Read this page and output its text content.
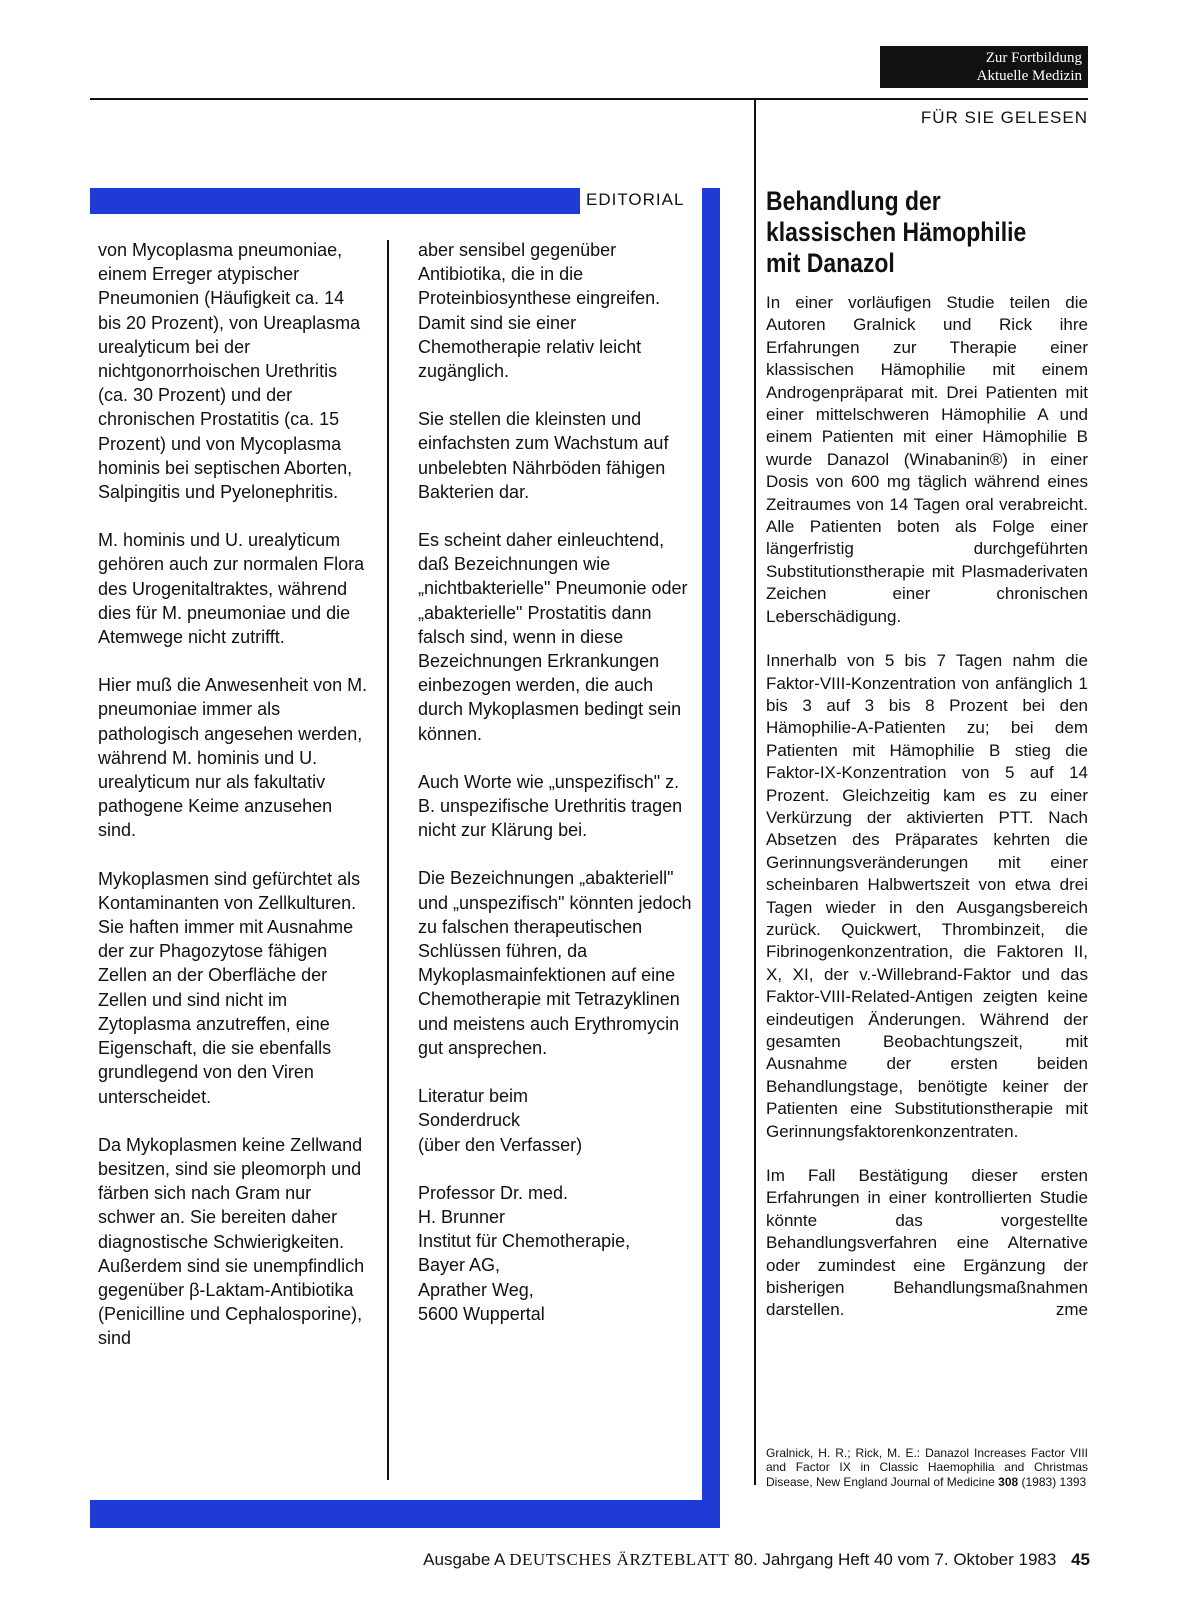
Zur Fortbildung
Aktuelle Medizin
FÜR SIE GELESEN
EDITORIAL

von Mycoplasma pneumoniae, einem Erreger atypischer Pneumonien (Häufigkeit ca. 14 bis 20 Prozent), von Ureaplasma urealyticum bei der nichtgonorrhoischen Urethritis (ca. 30 Prozent) und der chronischen Prostatitis (ca. 15 Prozent) und von Mycoplasma hominis bei septischen Aborten, Salpingitis und Pyelonephritis.

M. hominis und U. urealyticum gehören auch zur normalen Flora des Urogenitaltraktes, während dies für M. pneumoniae und die Atemwege nicht zutrifft.

Hier muß die Anwesenheit von M. pneumoniae immer als pathologisch angesehen werden, während M. hominis und U. urealyticum nur als fakultativ pathogene Keime anzusehen sind.

Mykoplasmen sind gefürchtet als Kontaminanten von Zellkulturen. Sie haften immer mit Ausnahme der zur Phagozytose fähigen Zellen an der Oberfläche der Zellen und sind nicht im Zytoplasma anzutreffen, eine Eigenschaft, die sie ebenfalls grundlegend von den Viren unterscheidet.

Da Mykoplasmen keine Zellwand besitzen, sind sie pleomorph und färben sich nach Gram nur schwer an. Sie bereiten daher diagnostische Schwierigkeiten. Außerdem sind sie unempfindlich gegenüber β-Laktam-Antibiotika (Penicilline und Cephalosporine), sind

aber sensibel gegenüber Antibiotika, die in die Proteinbiosynthese eingreifen. Damit sind sie einer Chemotherapie relativ leicht zugänglich.

Sie stellen die kleinsten und einfachsten zum Wachstum auf unbelebten Nährböden fähigen Bakterien dar.

Es scheint daher einleuchtend, daß Bezeichnungen wie „nichtbakterielle" Pneumonie oder „abakterielle" Prostatitis dann falsch sind, wenn in diese Bezeichnungen Erkrankungen einbezogen werden, die auch durch Mykoplasmen bedingt sein können.

Auch Worte wie „unspezifisch" z. B. unspezifische Urethritis tragen nicht zur Klärung bei.

Die Bezeichnungen „abakteriell" und „unspezifisch" könnten jedoch zu falschen therapeutischen Schlüssen führen, da Mykoplasmainfektionen auf eine Chemotherapie mit Tetrazyklinen und meistens auch Erythromycin gut ansprechen.

Literatur beim
Sonderdruck
(über den Verfasser)

Professor Dr. med.
H. Brunner
Institut für Chemotherapie,
Bayer AG,
Aprather Weg,
5600 Wuppertal

Behandlung der
klassischen Hämophilie
mit Danazol

In einer vorläufigen Studie teilen die Autoren Gralnick und Rick ihre Erfahrungen zur Therapie einer klassischen Hämophilie mit einem Androgenpräparat mit. Drei Patienten mit einer mittelschweren Hämophilie A und einem Patienten mit einer Hämophilie B wurde Danazol (Winabanin®) in einer Dosis von 600 mg täglich während eines Zeitraumes von 14 Tagen oral verabreicht. Alle Patienten boten als Folge einer längerfristig durchgeführten Substitutionstherapie mit Plasmaderivaten Zeichen einer chronischen Leberschädigung.

Innerhalb von 5 bis 7 Tagen nahm die Faktor-VIII-Konzentration von anfänglich 1 bis 3 auf 3 bis 8 Prozent bei den Hämophilie-A-Patienten zu; bei dem Patienten mit Hämophilie B stieg die Faktor-IX-Konzentration von 5 auf 14 Prozent. Gleichzeitig kam es zu einer Verkürzung der aktivierten PTT. Nach Absetzen des Präparates kehrten die Gerinnungsveränderungen mit einer scheinbaren Halbwertszeit von etwa drei Tagen wieder in den Ausgangsbereich zurück. Quickwert, Thrombinzeit, die Fibrinogenkonzentration, die Faktoren II, X, XI, der v.-Willebrand-Faktor und das Faktor-VIII-Related-Antigen zeigten keine eindeutigen Änderungen. Während der gesamten Beobachtungszeit, mit Ausnahme der ersten beiden Behandlungstage, benötigte keiner der Patienten eine Substitutionstherapie mit Gerinnungsfaktorenkonzentraten.

Im Fall Bestätigung dieser ersten Erfahrungen in einer kontrollierten Studie könnte das vorgestellte Behandlungsverfahren eine Alternative oder zumindest eine Ergänzung der bisherigen Behandlungsmaßnahmen darstellen.	zme

Gralnick, H. R.; Rick, M. E.: Danazol Increases Factor VIII and Factor IX in Classic Haemophilia and Christmas Disease, New England Journal of Medicine 308 (1983) 1393
Ausgabe A DEUTSCHES ÄRZTEBLATT 80. Jahrgang Heft 40 vom 7. Oktober 1983 45
